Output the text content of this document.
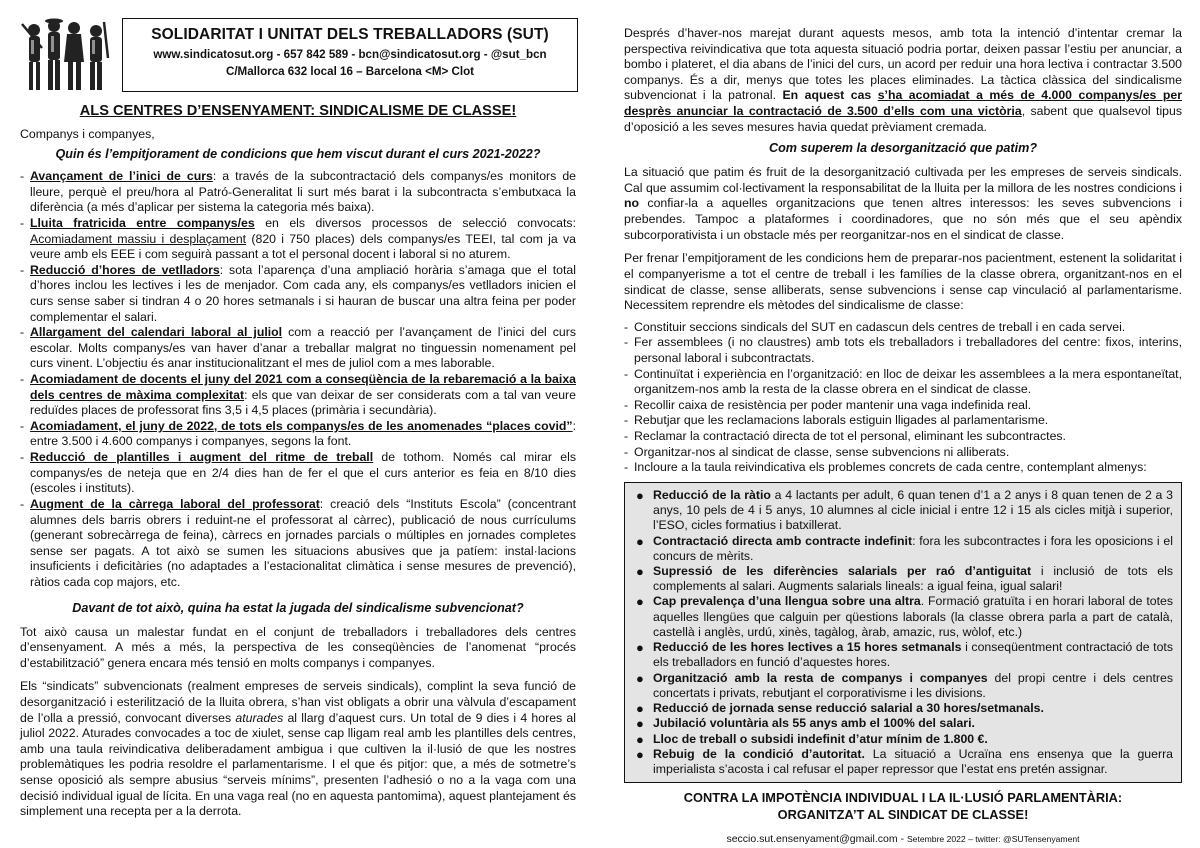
SOLIDARITAT I UNITAT DELS TREBALLADORS (SUT)
www.sindicatosut.org - 657 842 589 - bcn@sindicatosut.org - @sut_bcn
C/Mallorca 632 local 16 – Barcelona <M> Clot
ALS CENTRES D’ENSENYAMENT: SINDICALISME DE CLASSE!

Companys i companyes,

Quin és l’empitjorament de condicions que hem viscut durant el curs 2021-2022?

- Avançament de l’inici de curs: a través de la subcontractació dels companys/es monitors de lleure, perquè el preu/hora al Patró-Generalitat li surt més barat i la subcontracta s’embutxaca la diferència (a més d’aplicar per sistema la categoria més baixa).
- Lluita fratricida entre companys/es en els diversos processos de selecció convocats: Acomiadament massiu i desplaçament (820 i 750 places) dels companys/es TEEI, tal com ja va veure amb els EEE i com seguirà passant a tot el personal docent i laboral si no aturem.
- Reducció d’hores de vetlladors: sota l’aparença d’una ampliació horària s’amaga que el total d’hores inclou les lectives i les de menjador. Com cada any, els companys/es vetlladors inicien el curs sense saber si tindran 4 o 20 hores setmanals i si hauran de buscar una altra feina per poder complementar el salari.
- Allargament del calendari laboral al juliol com a reacció per l’avançament de l’inici del curs escolar. Molts companys/es van haver d’anar a treballar malgrat no tinguessin nomenament pel curs vinent. L’objectiu és anar institucionalitzant el mes de juliol com a mes laborable.
- Acomiadament de docents el juny del 2021 com a conseqüència de la rebaremació a la baixa dels centres de màxima complexitat: els que van deixar de ser considerats com a tal van veure reduïdes places de professorat fins 3,5 i 4,5 places (primària i secundària).
- Acomiadament, el juny de 2022, de tots els companys/es de les anomenades “places covid”: entre 3.500 i 4.600 companys i companyes, segons la font.
- Reducció de plantilles i augment del ritme de treball de tothom. Només cal mirar els companys/es de neteja que en 2/4 dies han de fer el que el curs anterior es feia en 8/10 dies (escoles i instituts).
- Augment de la càrrega laboral del professorat: creació dels “Instituts Escola” (concentrant alumnes dels barris obrers i reduint-ne el professorat al càrrec), publicació de nous currículums (generant sobrecàrrega de feina), càrrecs en jornades parcials o múltiples en jornades completes sense ser pagats. A tot això se sumen les situacions abusives que ja patíem: instal·lacions insuficients i deficitàries (no adaptades a l’estacionalitat climàtica i sense mesures de prevenció), ràtios cada cop majors, etc.

Davant de tot això, quina ha estat la jugada del sindicalisme subvencionat?

Tot això causa un malestar fundat en el conjunt de treballadors i treballadores dels centres d’ensenyament. A més a més, la perspectiva de les conseqüències de l’anomenat “procés d’estabilització” genera encara més tensió en molts companys i companyes.

Els “sindicats” subvencionats (realment empreses de serveis sindicals), complint la seva funció de desorganització i esterilització de la lluita obrera, s’han vist obligats a obrir una vàlvula d’escapament de l’olla a pressió, convocant diverses aturades al llarg d’aquest curs. Un total de 9 dies i 4 hores al juliol 2022. Aturades convocades a toc de xiulet, sense cap lligam real amb les plantilles dels centres, amb una taula reivindicativa deliberadament ambigua i que cultiven la il·lusió de que les nostres problemàtiques les podria resoldre el parlamentarisme. I el que és pitjor: que, a més de sotmetre’s sense oposició als sempre abusius “serveis mínims”, presenten l’adhesió o no a la vaga com una decisió individual igual de lícita. En una vaga real (no en aquesta pantomima), aquest plantejament és simplement una recepta per a la derrota.

Després d’haver-nos marejat durant aquests mesos, amb tota la intenció d’intentar cremar la perspectiva reivindicativa que tota aquesta situació podria portar, deixen passar l’estiu per anunciar, a bombo i plateret, el dia abans de l’inici del curs, un acord per reduir una hora lectiva i contractar 3.500 companys. És a dir, menys que totes les places eliminades. La tàctica clàssica del sindicalisme subvencionat i la patronal. En aquest cas s’ha acomiadat a més de 4.000 companys/es per desprès anunciar la contractació de 3.500 d’ells com una victòria, sabent que qualsevol tipus d’oposició a les seves mesures havia quedat prèviament cremada.

Com superem la desorganització que patim?

La situació que patim és fruit de la desorganització cultivada per les empreses de serveis sindicals. Cal que assumim col·lectivament la responsabilitat de la lluita per la millora de les nostres condicions i no confiar-la a aquelles organitzacions que tenen altres interessos: les seves subvencions i prebendes. Tampoc a plataformes i coordinadores, que no són més que el seu apèndix subcorporativista i un obstacle més per reorganitzar-nos en el sindicat de classe.

Per frenar l’empitjorament de les condicions hem de preparar-nos pacientment, estenent la solidaritat i el companyerisme a tot el centre de treball i les famílies de la classe obrera, organitzant-nos en el sindicat de classe, sense alliberats, sense subvencions i sense cap vinculació al parlamentarisme. Necessitem reprendre els mètodes del sindicalisme de classe:

- Constituir seccions sindicals del SUT en cadascun dels centres de treball i en cada servei.
- Fer assemblees (i no claustres) amb tots els treballadors i treballadores del centre: fixos, interins, personal laboral i subcontractats.
- Continuïtat i experiència en l’organització: en lloc de deixar les assemblees a la mera espontaneïtat, organitzem-nos amb la resta de la classe obrera en el sindicat de classe.
- Recollir caixa de resistència per poder mantenir una vaga indefinida real.
- Rebutjar que les reclamacions laborals estiguin lligades al parlamentarisme.
- Reclamar la contractació directa de tot el personal, eliminant les subcontractes.
- Organitzar-nos al sindicat de classe, sense subvencions ni alliberats.
- Incloure a la taula reivindicativa els problemes concrets de cada centre, contemplant almenys:
● Reducció de la ràtio a 4 lactants per adult, 6 quan tenen d’1 a 2 anys i 8 quan tenen de 2 a 3 anys, 10 pels de 4 i 5 anys, 10 alumnes al cicle inicial i entre 12 i 15 als cicles mitjà i superior, l’ESO, cicles formatius i batxillerat.
● Contractació directa amb contracte indefinit: fora les subcontractes i fora les oposicions i el concurs de mèrits.
● Supressió de les diferències salarials per raó d’antiguitat i inclusió de tots els complements al salari. Augments salarials lineals: a igual feina, igual salari!
● Cap prevalença d’una llengua sobre una altra. Formació gratuïta i en horari laboral de totes aquelles llengües que calguin per qüestions laborals (la classe obrera parla a part de català, castellà i anglès, urdú, xinès, tagàlog, àrab, amazic, rus, wòlof, etc.)
● Reducció de les hores lectives a 15 hores setmanals i conseqüentment contractació de tots els treballadors en funció d’aquestes hores.
● Organització amb la resta de companys i companyes del propi centre i dels centres concertats i privats, rebutjant el corporativisme i les divisions.
● Reducció de jornada sense reducció salarial a 30 hores/setmanals.
● Jubilació voluntària als 55 anys amb el 100% del salari.
● Lloc de treball o subsidi indefinit d’atur mínim de 1.800 €.
● Rebuig de la condició d’autoritat. La situació a Ucraïna ens ensenya que la guerra imperialista s’acosta i cal refusar el paper repressor que l’estat ens pretén assignar.

CONTRA LA IMPOTÈNCIA INDIVIDUAL I LA IL·LUSIÓ PARLAMENTÀRIA:

ORGANITZA’T AL SINDICAT DE CLASSE!

seccio.sut.ensenyament@gmail.com - Setembre 2022 – twitter: @SUTensenyament
